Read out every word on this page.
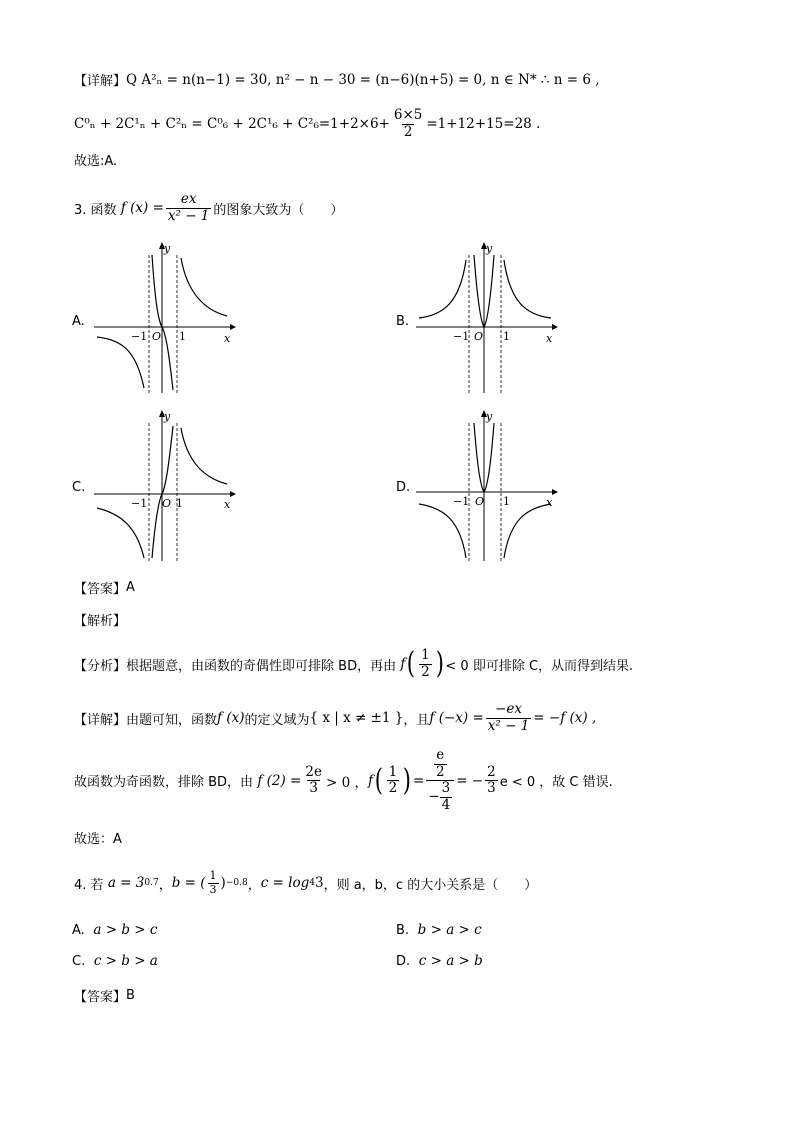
【详解】 Q A²ₙ = n(n−1) = 30, n² − n − 30 = (n−6)(n+5) = 0, n ∈ N* ∴ n = 6 ,
$C^0_n + 2C^1_n + C^2_n = C^0_6 + 2C^1_6 + C^2_6=1+2\times 6+ \frac{6\times 5}{2} =1+12+15=28$ .
故选:A.
3. 函数
f $(x) = \frac{ex}{\text{x² − 1}}$ 的图象大致为（　　）
A.	B.
C.	D.
y
x
O
−1	1
y
x
O
−1	1
y
x
O
−1	1
y
x
O
−1	1
【答案】 A
【解析】
【分析】 根据题意，由函数的奇偶性即可排除 BD，再由
f ( $\frac{1}{2}$ ) < 0 即可排除 C，从而得到结果.
【详解】 由题可知，函数 f (x) 的定义域为 { x | x ≠ ±1 } ，且 f $(-x) = \frac{-ex}{\text{x² − 1}} = -f$ (x) ,
故函数为奇函数，排除 BD，由
f $(2) = \frac{2e}{3} > 0$ ， f ( $\frac{1}{2}$ ) = $\frac{\frac{e}{2}}{- \frac{3}{4}}$ = − $\frac{2}{3}$ e < 0 ，故 C 错误.
故选：A
4. 若
a = 3 0.7 ， b = ( $\frac{1}{3}$ ) −0.8 ， c = log 4 3 ，则 a，b，c 的大小关系是（　　）
A. a > b > c	B. b > a > c
C. c > b > a	D. c > a > b
【答案】 B
